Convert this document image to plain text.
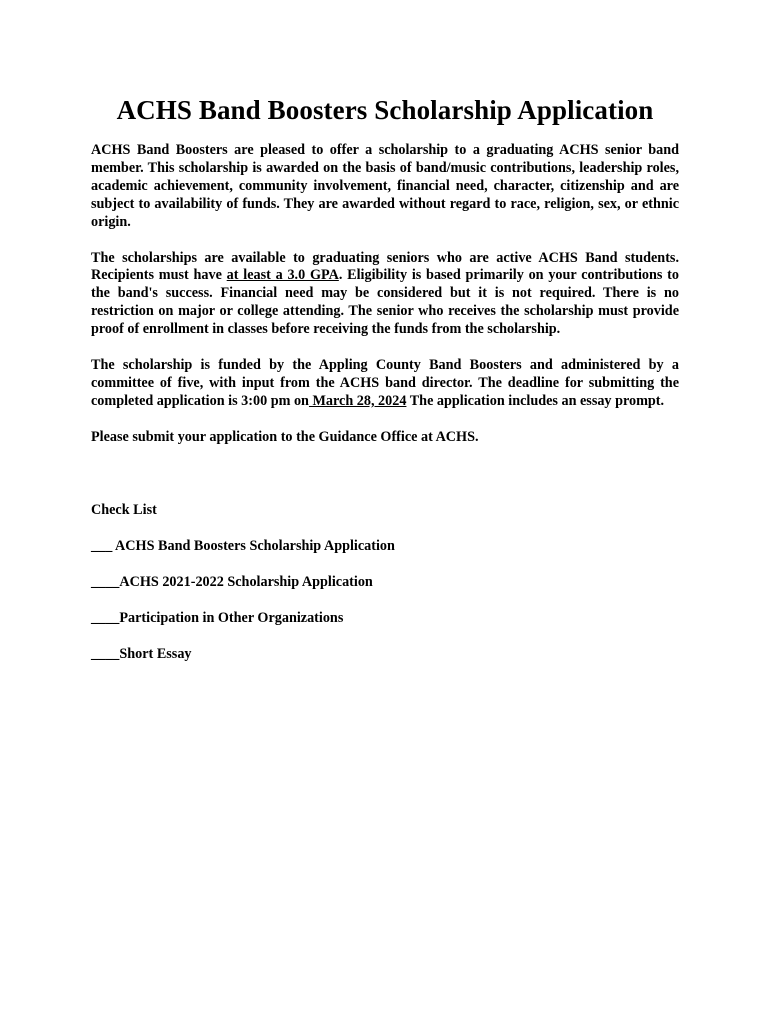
ACHS Band Boosters Scholarship Application

ACHS Band Boosters are pleased to offer a scholarship to a graduating ACHS senior band member. This scholarship is awarded on the basis of band/music contributions, leadership roles, academic achievement, community involvement, financial need, character, citizenship and are subject to availability of funds. They are awarded without regard to race, religion, sex, or ethnic origin.

The scholarships are available to graduating seniors who are active ACHS Band students. Recipients must have at least a 3.0 GPA. Eligibility is based primarily on your contributions to the band's success. Financial need may be considered but it is not required. There is no restriction on major or college attending. The senior who receives the scholarship must provide proof of enrollment in classes before receiving the funds from the scholarship.

The scholarship is funded by the Appling County Band Boosters and administered by a committee of five, with input from the ACHS band director. The deadline for submitting the completed application is 3:00 pm on March 28, 2024 The application includes an essay prompt.

Please submit your application to the Guidance Office at ACHS.

Check List

___ ACHS Band Boosters Scholarship Application

____ACHS 2021-2022 Scholarship Application

____Participation in Other Organizations

____Short Essay
